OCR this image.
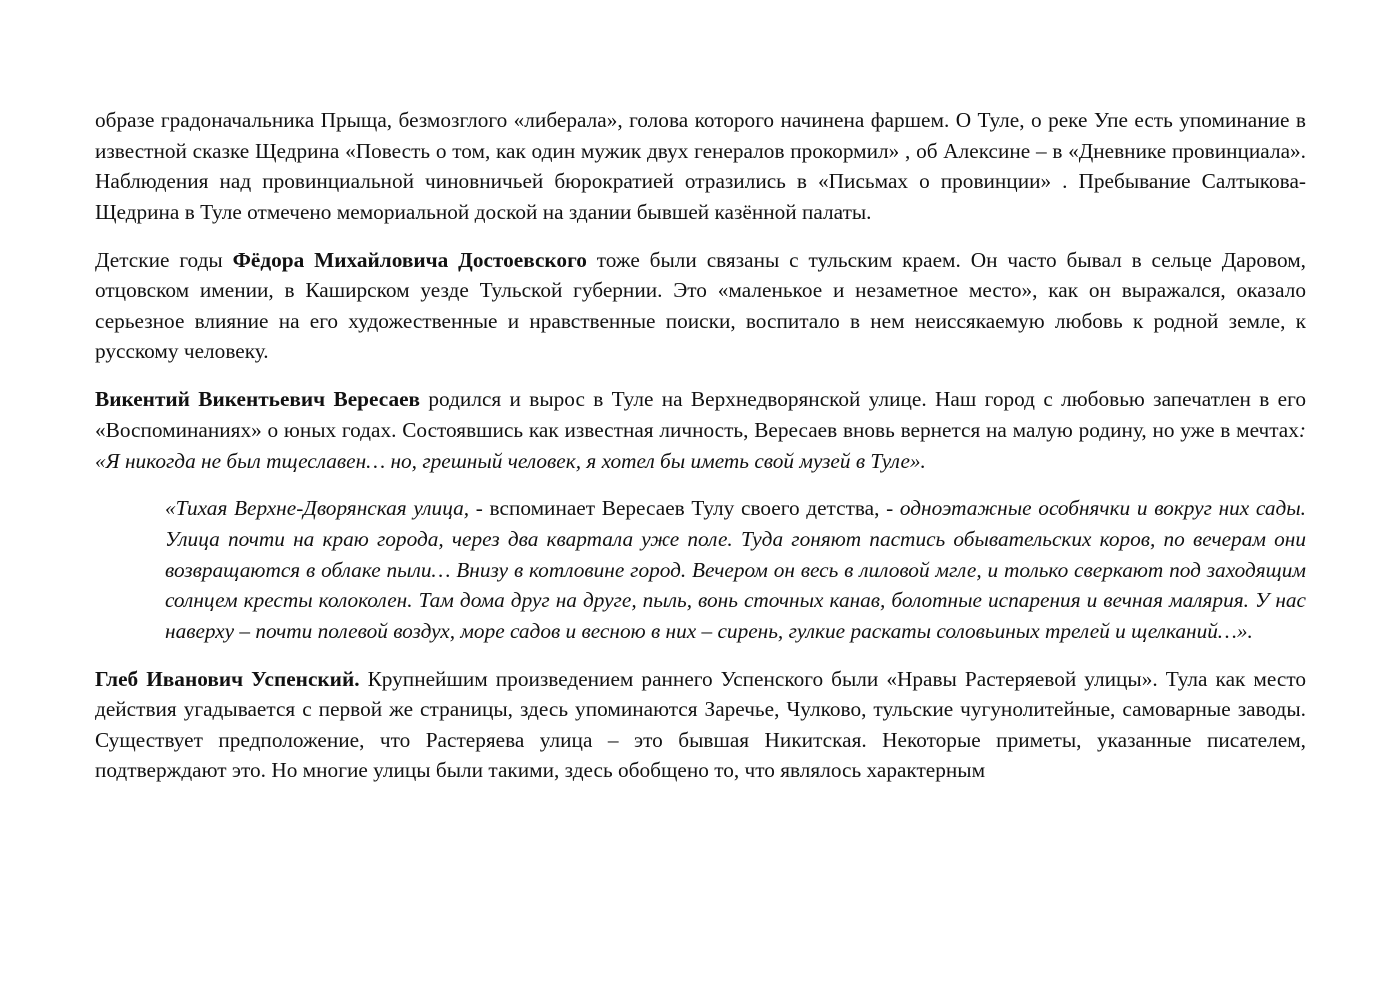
образе градоначальника Прыща, безмозглого «либерала», голова которого начинена фаршем. О Туле, о реке Упе есть упоминание в известной сказке Щедрина «Повесть о том, как один мужик двух генералов прокормил» , об Алексине – в «Дневнике провинциала». Наблюдения над провинциальной чиновничьей бюрократией отразились в «Письмах о провинции» . Пребывание Салтыкова-Щедрина в Туле отмечено мемориальной доской на здании бывшей казённой палаты.

Детские годы Фёдора Михайловича Достоевского тоже были связаны с тульским краем. Он часто бывал в сельце Даровом, отцовском имении, в Каширском уезде Тульской губернии. Это «маленькое и незаметное место», как он выражался, оказало серьезное влияние на его художественные и нравственные поиски, воспитало в нем неиссякаемую любовь к родной земле, к русскому человеку.

Викентий Викентьевич Вересаев родился и вырос в Туле на Верхнедворянской улице. Наш город с любовью запечатлен в его «Воспоминаниях» о юных годах. Состоявшись как известная личность, Вересаев вновь вернется на малую родину, но уже в мечтах: «Я никогда не был тщеславен… но, грешный человек, я хотел бы иметь свой музей в Туле».

«Тихая Верхне-Дворянская улица, - вспоминает Вересаев Тулу своего детства, - одноэтажные особнячки и вокруг них сады. Улица почти на краю города, через два квартала уже поле. Туда гоняют пастись обывательских коров, по вечерам они возвращаются в облаке пыли… Внизу в котловине город. Вечером он весь в лиловой мгле, и только сверкают под заходящим солнцем кресты колоколен. Там дома друг на друге, пыль, вонь сточных канав, болотные испарения и вечная малярия. У нас наверху – почти полевой воздух, море садов и весною в них – сирень, гулкие раскаты соловьиных трелей и щелканий…».

Глеб Иванович Успенский. Крупнейшим произведением раннего Успенского были «Нравы Растеряевой улицы». Тула как место действия угадывается с первой же страницы, здесь упоминаются Заречье, Чулково, тульские чугунолитейные, самоварные заводы. Существует предположение, что Растеряева улица – это бывшая Никитская. Некоторые приметы, указанные писателем, подтверждают это. Но многие улицы были такими, здесь обобщено то, что являлось характерным
